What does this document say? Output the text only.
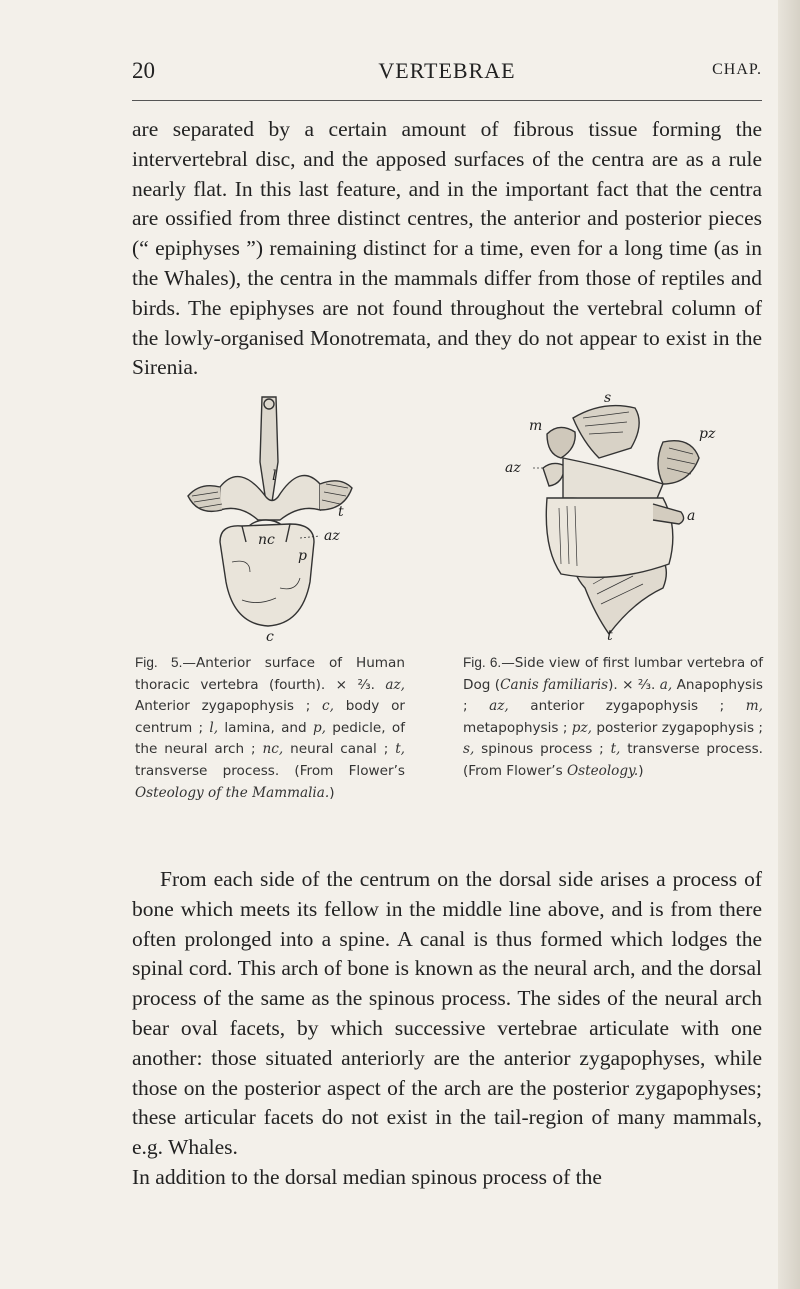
20	VERTEBRAE	CHAP.

are separated by a certain amount of fibrous tissue forming the intervertebral disc, and the apposed surfaces of the centra are as a rule nearly flat. In this last feature, and in the important fact that the centra are ossified from three distinct centres, the anterior and posterior pieces (“ epiphyses ”) remaining distinct for a time, even for a long time (as in the Whales), the centra in the mammals differ from those of reptiles and birds. The epiphyses are not found throughout the vertebral column of the lowly-organised Monotremata, and they do not appear to exist in the Sirenia.

l
t
nc	az
p
c

Fig. 5.—Anterior surface of Human thoracic vertebra (fourth). × ⅔. az, Anterior zygapophysis ; c, body or centrum ; l, lamina, and p, pedicle, of the neural arch ; nc, neural canal ; t, transverse process. (From Flower’s Osteology of the Mammalia.)

s
m
az
pz
a
t

Fig. 6.—Side view of first lumbar vertebra of Dog (Canis familiaris). × ⅔. a, Anapophysis ; az, anterior zygapophysis ; m, metapophysis ; pz, posterior zygapophysis ; s, spinous process ; t, transverse process. (From Flower’s Osteology.)

From each side of the centrum on the dorsal side arises a process of bone which meets its fellow in the middle line above, and is from there often prolonged into a spine. A canal is thus formed which lodges the spinal cord. This arch of bone is known as the neural arch, and the dorsal process of the same as the spinous process. The sides of the neural arch bear oval facets, by which successive vertebrae articulate with one another: those situated anteriorly are the anterior zygapophyses, while those on the posterior aspect of the arch are the posterior zygapophyses; these articular facets do not exist in the tail-region of many mammals, e.g. Whales.
In addition to the dorsal median spinous process of the
